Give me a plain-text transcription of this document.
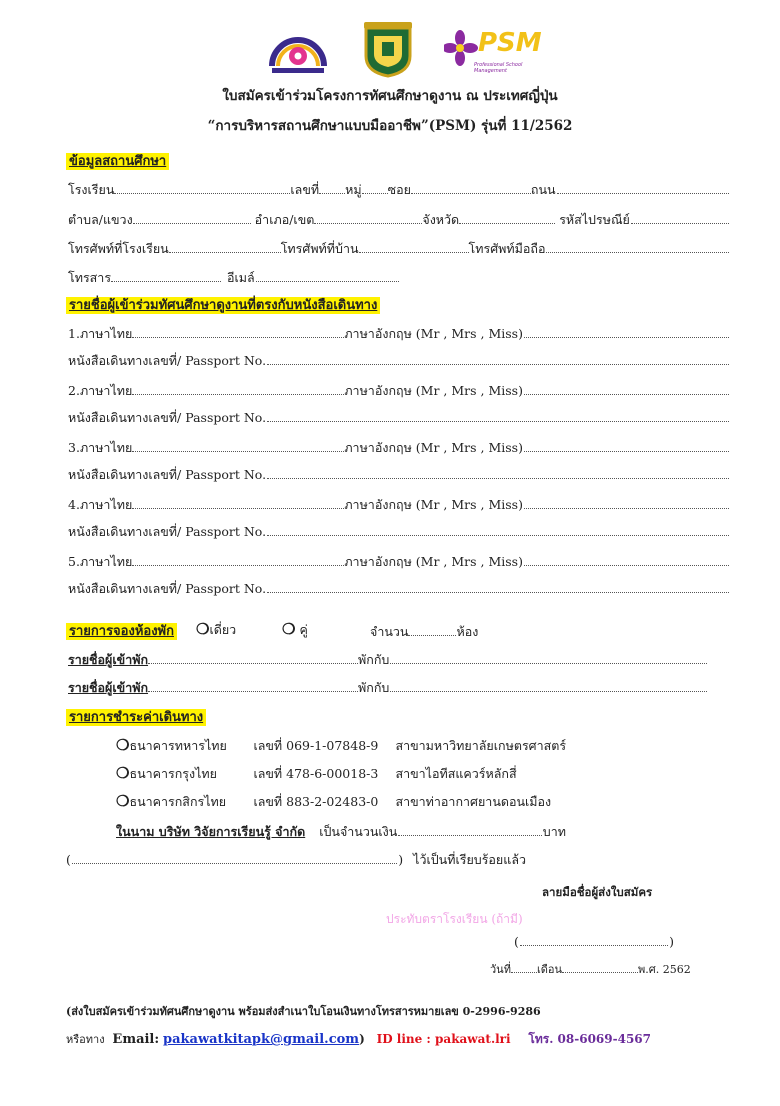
PSM
Professional School Management
ใบสมัครเข้าร่วมโครงการทัศนศึกษาดูงาน ณ ประเทศญี่ปุ่น
“การบริหารสถานศึกษาแบบมืออาชีพ”(PSM) รุ่นที่ 11/2562
ข้อมูลสถานศึกษา
โรงเรียน	เลขที่ หมู่ ซอย	ถนน
ตำบล/แขวง	อำเภอ/เขต	จังหวัด	รหัสไปรษณีย์
โทรศัพท์ที่โรงเรียน	โทรศัพท์ที่บ้าน	โทรศัพท์มือถือ
โทรสาร	อีเมล์
รายชื่อผู้เข้าร่วมทัศนศึกษาดูงานที่ตรงกับหนังสือเดินทาง
1. ภาษาไทย	ภาษาอังกฤษ (Mr , Mrs , Miss)
หนังสือเดินทางเลขที่/ Passport No.
2. ภาษาไทย	ภาษาอังกฤษ (Mr , Mrs , Miss)
หนังสือเดินทางเลขที่/ Passport No.
3. ภาษาไทย	ภาษาอังกฤษ (Mr , Mrs , Miss)
หนังสือเดินทางเลขที่/ Passport No.
4. ภาษาไทย	ภาษาอังกฤษ (Mr , Mrs , Miss)
หนังสือเดินทางเลขที่/ Passport No.
5. ภาษาไทย	ภาษาอังกฤษ (Mr , Mrs , Miss)
หนังสือเดินทางเลขที่/ Passport No.
รายการจองห้องพัก ❍เดี่ยว	❍ คู่	จำนวน	ห้อง
รายชื่อผู้เข้าพัก	พักกับ
รายชื่อผู้เข้าพัก	พักกับ
รายการชำระค่าเดินทาง
❍ธนาคารทหารไทย เลขที่ 069-1-07848-9 สาขามหาวิทยาลัยเกษตรศาสตร์
❍ธนาคารกรุงไทย	เลขที่ 478-6-00018-3 สาขาไอทีสแควร์หลักสี่
❍ธนาคารกสิกรไทย เลขที่ 883-2-02483-0 สาขาท่าอากาศยานดอนเมือง
ในนาม บริษัท วิจัยการเรียนรู้ จำกัด เป็นจำนวนเงิน	บาท
(	) ไว้เป็นที่เรียบร้อยแล้ว
ลายมือชื่อผู้ส่งใบสมัคร
ประทับตราโรงเรียน (ถ้ามี)
(	)
วันที่ เดือน	พ.ศ. 2562
(ส่งใบสมัครเข้าร่วมทัศนศึกษาดูงาน พร้อมส่งสำเนาใบโอนเงินทางโทรสารหมายเลข 0-2996-9286
หรือทาง Email: pakawatkitapk@gmail.com) ID line : pakawat.lri โทร. 08-6069-4567
